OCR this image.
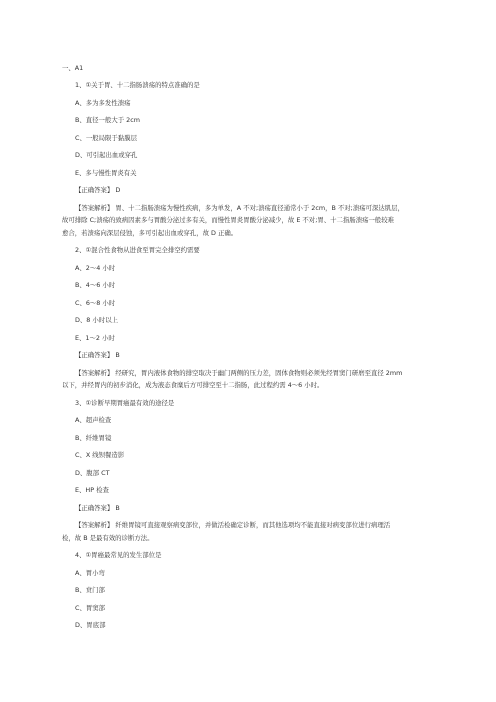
一、A1

1、①关于胃、十二指肠溃疡的特点准确的是

A、多为多发性溃疡

B、直径一般大于 2cm

C、一般局限于黏膜层

D、可引起出血或穿孔

E、多与慢性胃炎有关

【正确答案】 D

【答案解析】 胃、十二指肠溃疡为慢性疾病，多为单发，A 不对;溃疡直径通常小于 2cm，B 不对;溃疡可深达肌层，

故可排除 C;溃疡的致病因素多与胃酸分泌过多有关，而慢性胃炎胃酸分泌减少，故 E 不对;胃、十二指肠溃疡一般较难

愈合，若溃疡向深层侵蚀，多可引起出血或穿孔，故 D 正确。

2、①混合性食物从进食至胃完全排空约需要

A、2～4 小时

B、4～6 小时

C、6～8 小时

D、8 小时以上

E、1～2 小时

【正确答案】 B

【答案解析】 经研究，胃内液体食物的排空取决于幽门两侧的压力差，固体食物则必须先经胃窦门研磨至直径 2mm

以下，并经胃内的初步消化，成为液态食糜后方可排空至十二指肠，此过程约需 4～6 小时。

3、①诊断早期胃癌最有效的途径是

A、超声检查

B、纤维胃镜

C、X 线钡餐造影

D、腹部 CT

E、HP 检查

【正确答案】 B

【答案解析】 纤维胃镜可直接观察病变部位，并做活检确定诊断，而其他选项均不能直接对病变部位进行病理活

检，故 B 是最有效的诊断方法。

4、①胃癌最常见的发生部位是

A、胃小弯

B、贲门部

C、胃窦部

D、胃底部
